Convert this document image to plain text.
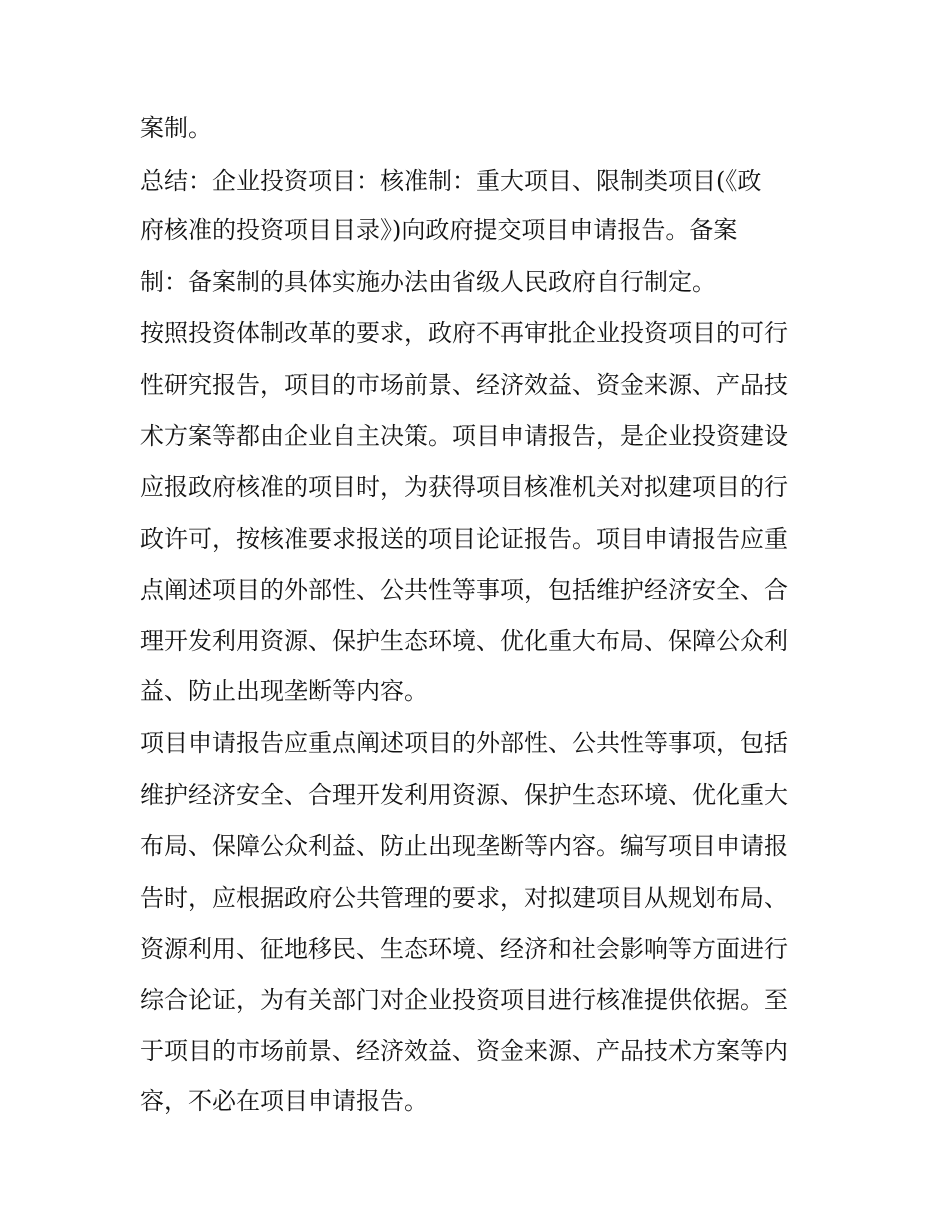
案制。
总结：企业投资项目：核准制：重大项目、限制类项目(《政
府核准的投资项目目录》)向政府提交项目申请报告。备案
制：备案制的具体实施办法由省级人民政府自行制定。
按照投资体制改革的要求，政府不再审批企业投资项目的可行
性研究报告，项目的市场前景、经济效益、资金来源、产品技
术方案等都由企业自主决策。项目申请报告，是企业投资建设
应报政府核准的项目时，为获得项目核准机关对拟建项目的行
政许可，按核准要求报送的项目论证报告。项目申请报告应重
点阐述项目的外部性、公共性等事项，包括维护经济安全、合
理开发利用资源、保护生态环境、优化重大布局、保障公众利
益、防止出现垄断等内容。
项目申请报告应重点阐述项目的外部性、公共性等事项，包括
维护经济安全、合理开发利用资源、保护生态环境、优化重大
布局、保障公众利益、防止出现垄断等内容。编写项目申请报
告时，应根据政府公共管理的要求，对拟建项目从规划布局、
资源利用、征地移民、生态环境、经济和社会影响等方面进行
综合论证，为有关部门对企业投资项目进行核准提供依据。至
于项目的市场前景、经济效益、资金来源、产品技术方案等内
容，不必在项目申请报告。
